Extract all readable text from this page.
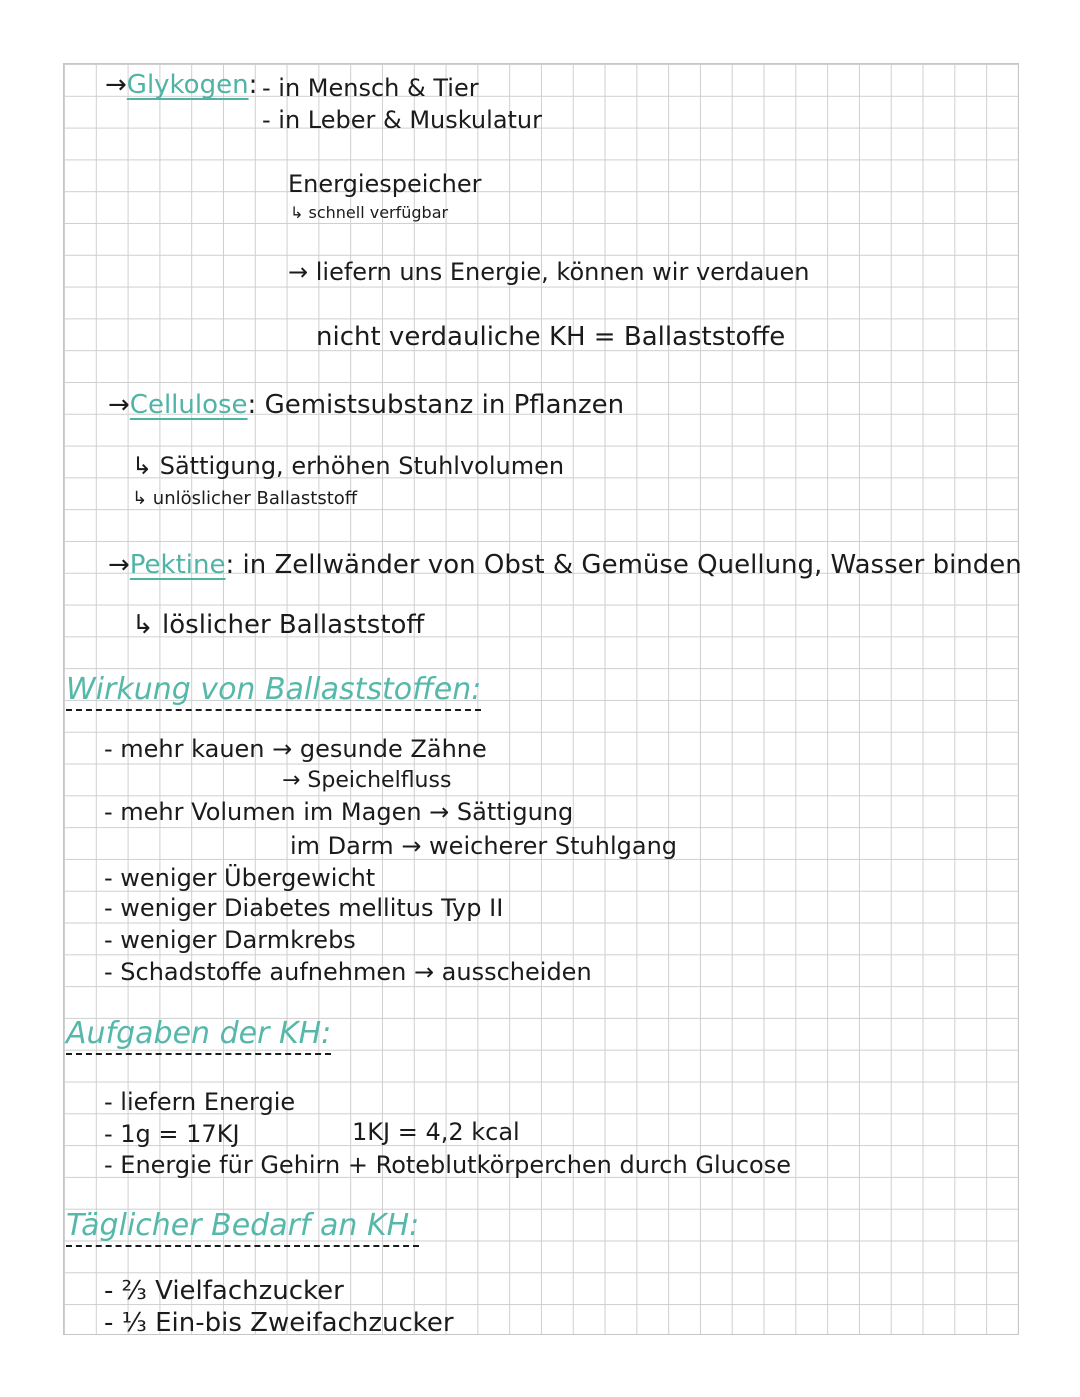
→Glykogen: - in Mensch & Tier
- in Leber & Muskulatur
Energiespeicher
↳ schnell verfügbar
→ liefern uns Energie, können wir verdauen
nicht verdauliche KH = Ballaststoffe
→Cellulose: Gemistsubstanz in Pflanzen
↳ Sättigung, erhöhen Stuhlvolumen
↳ unlöslicher Ballaststoff
→Pektine: in Zellwänder von Obst & Gemüse Quellung, Wasser binden
↳ löslicher Ballaststoff
Wirkung von Ballaststoffen:
- mehr kauen → gesunde Zähne
→ Speichelfluss
- mehr Volumen im Magen → Sättigung
im Darm → weicherer Stuhlgang
- weniger Übergewicht
- weniger Diabetes mellitus Typ II
- weniger Darmkrebs
- Schadstoffe aufnehmen → ausscheiden
Aufgaben der KH:
- liefern Energie
- 1g = 17KJ	1KJ = 4,2 kcal
- Energie für Gehirn + Roteblutkörperchen durch Glucose
Täglicher Bedarf an KH:
- ⅔ Vielfachzucker
- ⅓ Ein-bis Zweifachzucker
